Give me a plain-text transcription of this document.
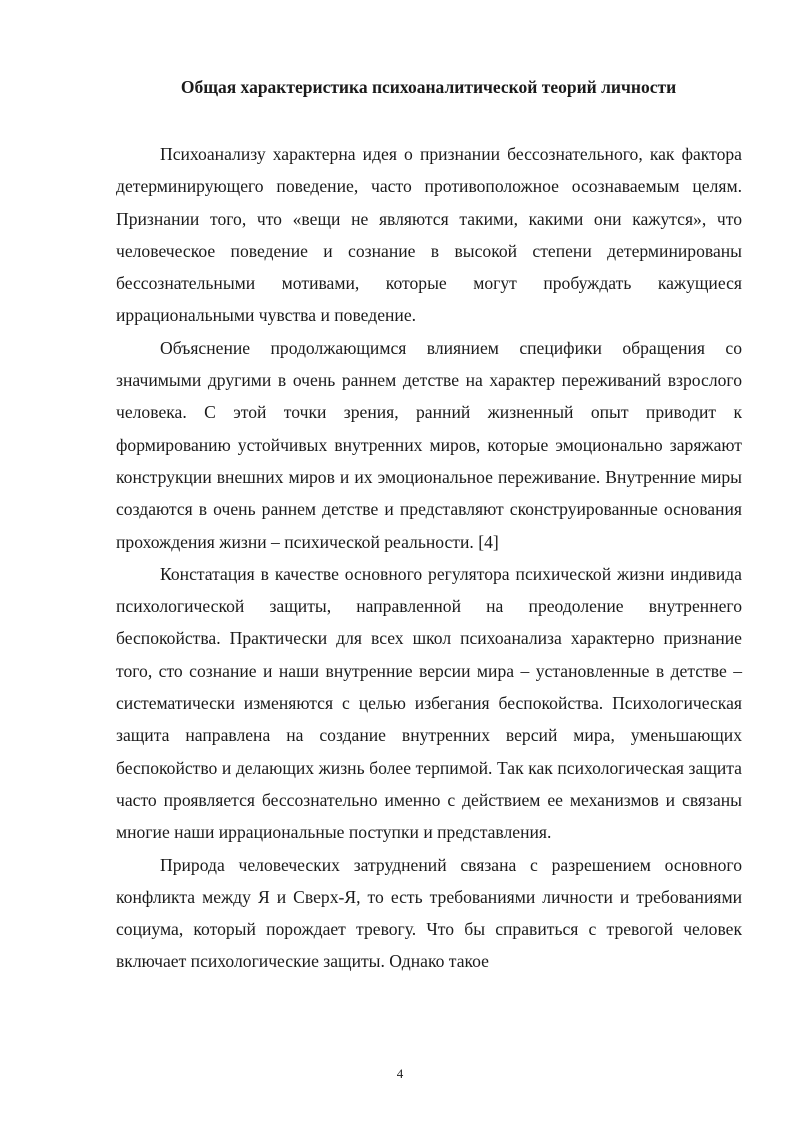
Общая характеристика психоаналитической теорий личности

Психоанализу характерна идея о признании бессознательного, как фактора детерминирующего поведение, часто противоположное осознаваемым целям. Признании того, что «вещи не являются такими, какими они кажутся», что человеческое поведение и сознание в высокой степени детерминированы бессознательными мотивами, которые могут пробуждать кажущиеся иррациональными чувства и поведение.

Объяснение продолжающимся влиянием специфики обращения со значимыми другими в очень раннем детстве на характер переживаний взрослого человека. С этой точки зрения, ранний жизненный опыт приводит к формированию устойчивых внутренних миров, которые эмоционально заряжают конструкции внешних миров и их эмоциональное переживание. Внутренние миры создаются в очень раннем детстве и представляют сконструированные основания прохождения жизни – психической реальности. [4]

Констатация в качестве основного регулятора психической жизни индивида психологической защиты, направленной на преодоление внутреннего беспокойства. Практически для всех школ психоанализа характерно признание того, сто сознание и наши внутренние версии мира – установленные в детстве – систематически изменяются с целью избегания беспокойства. Психологическая защита направлена на создание внутренних версий мира, уменьшающих беспокойство и делающих жизнь более терпимой. Так как психологическая защита часто проявляется бессознательно именно с действием ее механизмов и связаны многие наши иррациональные поступки и представления.

Природа человеческих затруднений связана с разрешением основного конфликта между Я и Сверх-Я, то есть требованиями личности и требованиями социума, который порождает тревогу. Что бы справиться с тревогой человек включает психологические защиты. Однако такое

4
